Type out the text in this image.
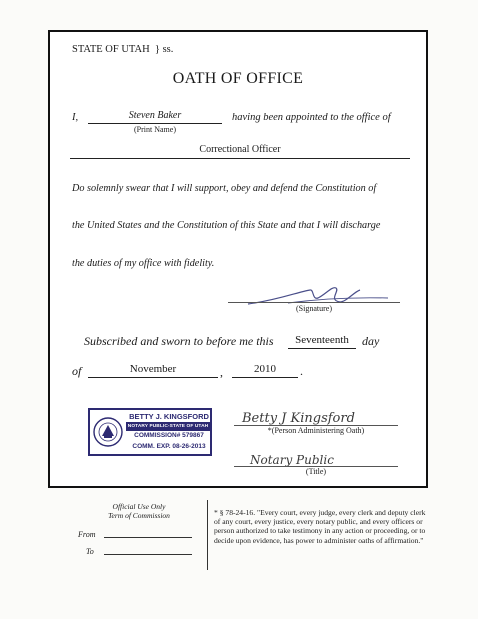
STATE OF UTAH } ss.
OATH OF OFFICE
I,	Steven Baker
(Print Name)
having been appointed to the office of
Correctional Officer
Do solemnly swear that I will support, obey and defend the Constitution of
the United States and the Constitution of this State and that I will discharge
the duties of my office with fidelity.
(Signature)
Subscribed and sworn to before me this	Seventeenth	day
of	November	,	2010	.
BETTY J. KINGSFORD
NOTARY PUBLIC-STATE OF UTAH
COMMISSION# 579867
COMM. EXP. 08-26-2013
Betty J Kingsford
*(Person Administering Oath)
Notary Public
(Title)
Official Use Only
Term of Commission
From
To
* § 78-24-16. "Every court, every judge, every clerk and deputy clerk of any court, every justice, every notary public, and every officers or person authorized to take testimony in any action or proceeding, or to decide upon evidence, has power to administer oaths of affirmation."
